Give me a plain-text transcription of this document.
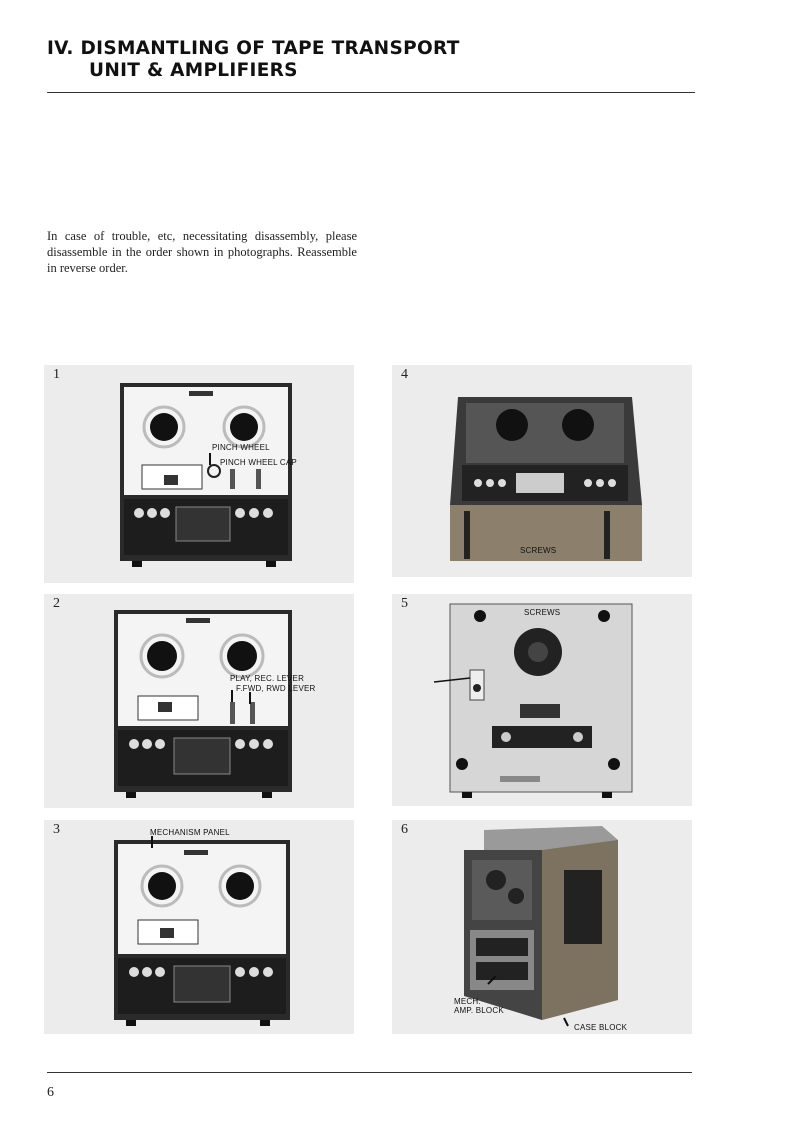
IV. DISMANTLING OF TAPE TRANSPORT
UNIT & AMPLIFIERS

In case of trouble, etc, necessitating disassembly, please disassemble in the order shown in photographs. Reassemble in reverse order.

1
PINCH WHEEL
PINCH WHEEL CAP
2
PLAY, REC. LEVER
F.FWD, RWD LEVER
3	MECHANISM PANEL
4
SCREWS
5
SCREWS
6
MECH.
AMP. BLOCK
CASE BLOCK
6
